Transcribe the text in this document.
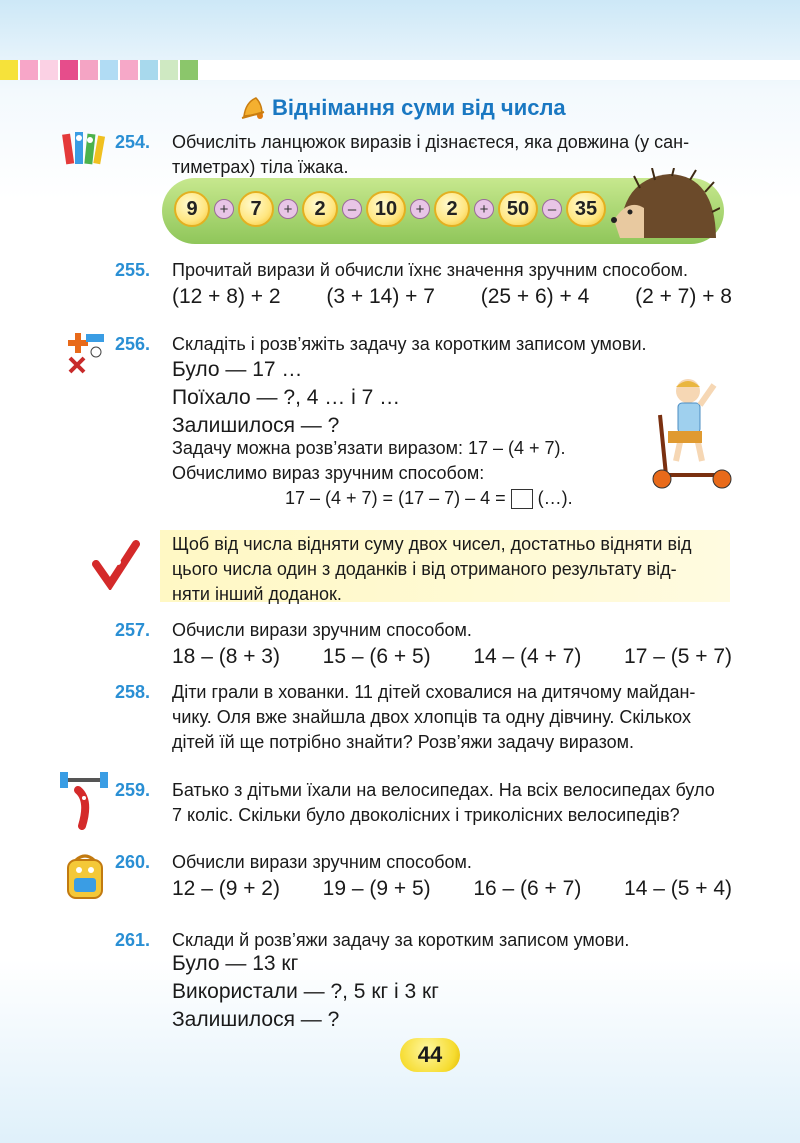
Віднімання суми від числа
254. Обчисліть ланцюжок виразів і дізнаєтеся, яка довжина (у сан-
тиметрах) тіла їжака.
9	+	7	+	2	– 10	+	2	+ 50	– 35
255. Прочитай вирази й обчисли їхнє значення зручним способом.
(12 + 8) + 2 (3 + 14) + 7 (25 + 6) + 4 (2 + 7) + 8
256. Складіть і розв’яжіть задачу за коротким записом умови.
Було — 17 …
Поїхало — ?, 4 … і 7 …
Залишилося — ?
Задачу можна розв’язати виразом: 17 – (4 + 7).
Обчислимо вираз зручним способом:
17 – (4 + 7) = (17 – 7) – 4 = (…).
Щоб від числа відняти суму двох чисел, достатньо відняти від
цього числа один з доданків і від отриманого результату від-
няти інший доданок.
257. Обчисли вирази зручним способом.
18 – (8 + 3) 15 – (6 + 5) 14 – (4 + 7) 17 – (5 + 7)
258. Діти грали в хованки. 11 дітей сховалися на дитячому майдан-
чику. Оля вже знайшла двох хлопців та одну дівчину. Скількох
дітей їй ще потрібно знайти? Розв’яжи задачу виразом.
259. Батько з дітьми їхали на велосипедах. На всіх велосипедах було
7 коліс. Скільки було двоколісних і триколісних велосипедів?
260. Обчисли вирази зручним способом.
12 – (9 + 2) 19 – (9 + 5) 16 – (6 + 7) 14 – (5 + 4)
261. Склади й розв’яжи задачу за коротким записом умови.
Було — 13 кг
Використали — ?, 5 кг і 3 кг
Залишилося — ?
44
